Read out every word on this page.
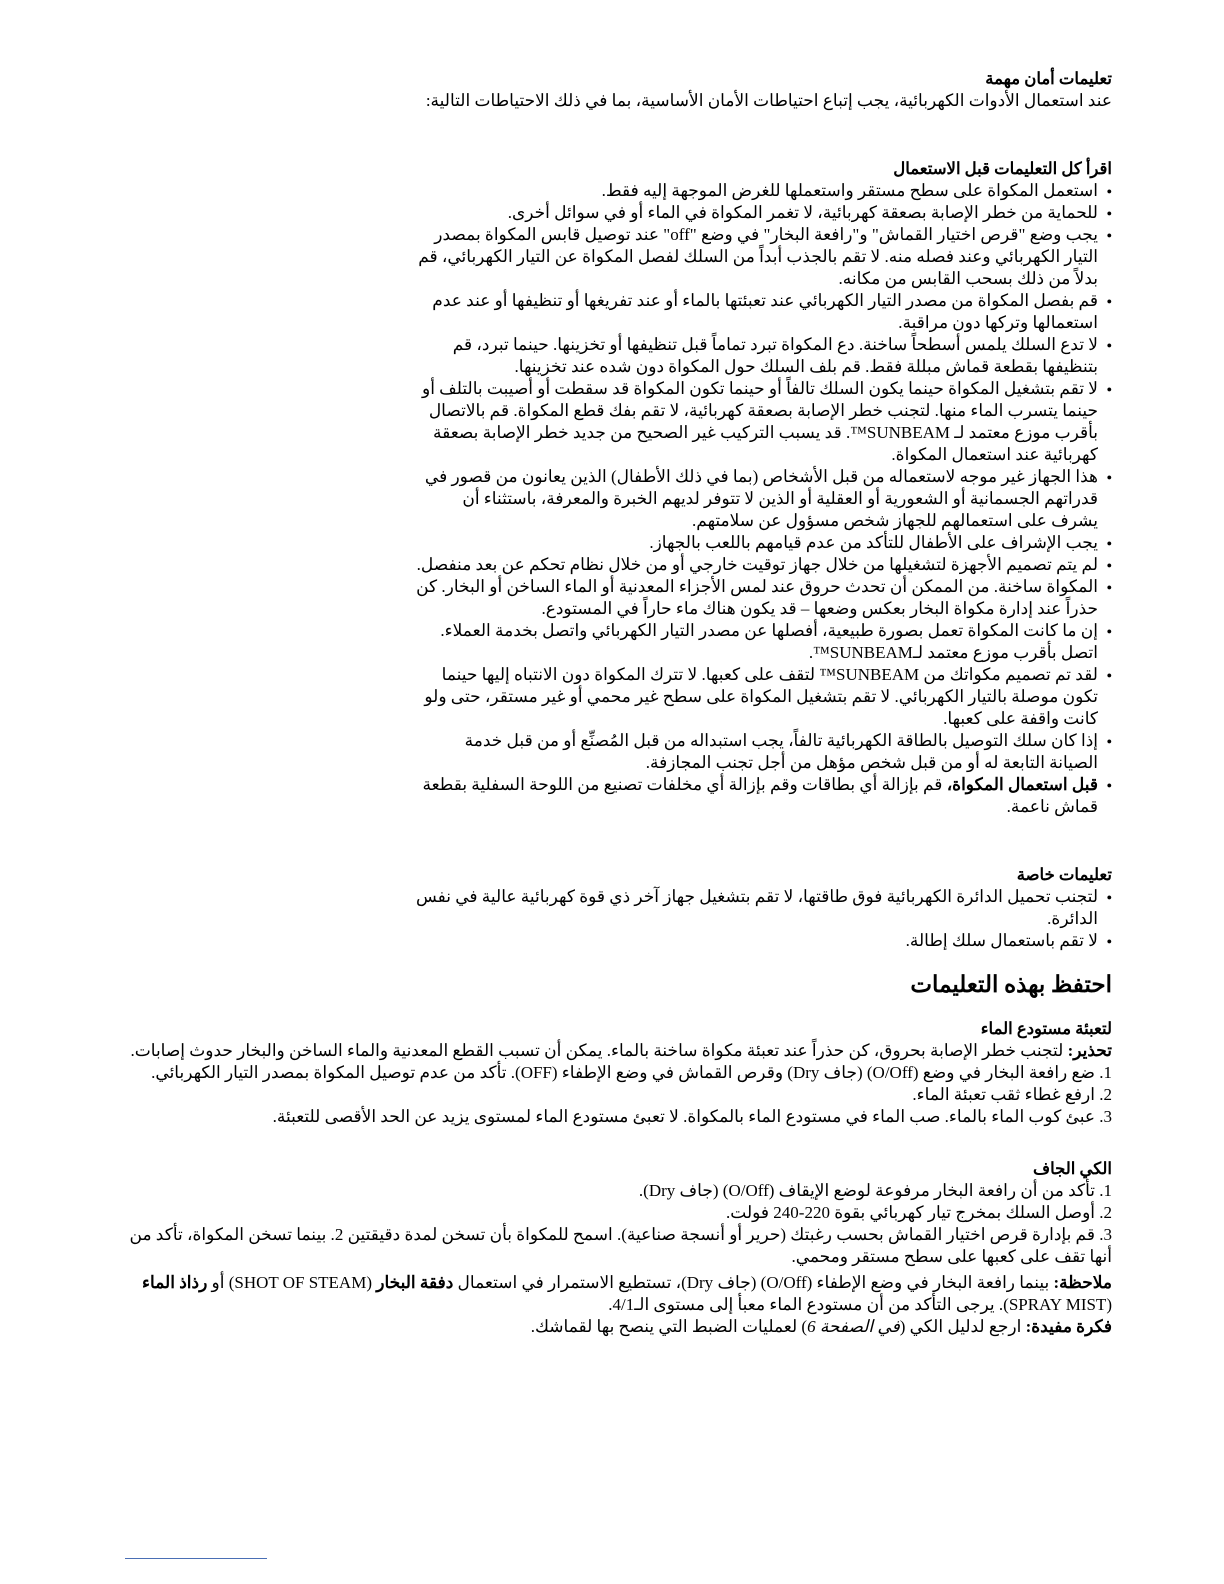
تعليمات أمان مهمة

عند استعمال الأدوات الكهربائية، يجب إتباع احتياطات الأمان الأساسية، بما في ذلك الاحتياطات التالية:

اقرأ كل التعليمات قبل الاستعمال

● استعمل المكواة على سطح مستقر واستعملها للغرض الموجهة إليه فقط.
● للحماية من خطر الإصابة بصعقة كهربائية، لا تغمر المكواة في الماء أو في سوائل أخرى.
● يجب وضع "قرص اختيار القماش" و"رافعة البخار" في وضع "off" عند توصيل قابس المكواة بمصدر التيار الكهربائي وعند فصله منه. لا تقم بالجذب أبداً من السلك لفصل المكواة عن التيار الكهربائي، قم بدلاً من ذلك بسحب القابس من مكانه.
● قم بفصل المكواة من مصدر التيار الكهربائي عند تعبئتها بالماء أو عند تفريغها أو تنظيفها أو عند عدم استعمالها وتركها دون مراقبة.
● لا تدع السلك يلمس أسطحاً ساخنة. دع المكواة تبرد تماماً قبل تنظيفها أو تخزينها. حينما تبرد، قم بتنظيفها بقطعة قماش مبللة فقط. قم بلف السلك حول المكواة دون شده عند تخزينها.
● لا تقم بتشغيل المكواة حينما يكون السلك تالفاً أو حينما تكون المكواة قد سقطت أو أصيبت بالتلف أو حينما يتسرب الماء منها. لتجنب خطر الإصابة بصعقة كهربائية، لا تقم بفك قطع المكواة. قم بالاتصال بأقرب موزع معتمد لـ SUNBEAM™. قد يسبب التركيب غير الصحيح من جديد خطر الإصابة بصعقة كهربائية عند استعمال المكواة.
● هذا الجهاز غير موجه لاستعماله من قبل الأشخاص (بما في ذلك الأطفال) الذين يعانون من قصور في قدراتهم الجسمانية أو الشعورية أو العقلية أو الذين لا تتوفر لديهم الخبرة والمعرفة، باستثناء أن يشرف على استعمالهم للجهاز شخص مسؤول عن سلامتهم.
● يجب الإشراف على الأطفال للتأكد من عدم قيامهم باللعب بالجهاز.
● لم يتم تصميم الأجهزة لتشغيلها من خلال جهاز توقيت خارجي أو من خلال نظام تحكم عن بعد منفصل.
● المكواة ساخنة. من الممكن أن تحدث حروق عند لمس الأجزاء المعدنية أو الماء الساخن أو البخار. كن حذراً عند إدارة مكواة البخار بعكس وضعها – قد يكون هناك ماء حاراً في المستودع.
● إن ما كانت المكواة تعمل بصورة طبيعية، أفصلها عن مصدر التيار الكهربائي واتصل بخدمة العملاء. اتصل بأقرب موزع معتمد لـSUNBEAM™.
● لقد تم تصميم مكواتك من SUNBEAM™ لتقف على كعبها. لا تترك المكواة دون الانتباه إليها حينما تكون موصلة بالتيار الكهربائي. لا تقم بتشغيل المكواة على سطح غير محمي أو غير مستقر، حتى ولو كانت واقفة على كعبها.
● إذا كان سلك التوصيل بالطاقة الكهربائية تالفاً، يجب استبداله من قبل المُصنِّع أو من قبل خدمة الصيانة التابعة له أو من قبل شخص مؤهل من أجل تجنب المجازفة.
● قبل استعمال المكواة، قم بإزالة أي بطاقات وقم بإزالة أي مخلفات تصنيع من اللوحة السفلية بقطعة قماش ناعمة.

تعليمات خاصة

● لتجنب تحميل الدائرة الكهربائية فوق طاقتها، لا تقم بتشغيل جهاز آخر ذي قوة كهربائية عالية في نفس الدائرة.
● لا تقم باستعمال سلك إطالة.

احتفظ بهذه التعليمات

لتعبئة مستودع الماء

تحذير: لتجنب خطر الإصابة بحروق، كن حذراً عند تعبئة مكواة ساخنة بالماء. يمكن أن تسبب القطع المعدنية والماء الساخن والبخار حدوث إصابات.

1. ضع رافعة البخار في وضع (O/Off) (جاف Dry) وقرص القماش في وضع الإطفاء (OFF). تأكد من عدم توصيل المكواة بمصدر التيار الكهربائي.
2. ارفع غطاء ثقب تعبئة الماء.
3. عبئ كوب الماء بالماء. صب الماء في مستودع الماء بالمكواة. لا تعبئ مستودع الماء لمستوى يزيد عن الحد الأقصى للتعبئة.

الكي الجاف

1. تأكد من أن رافعة البخار مرفوعة لوضع الإيقاف (O/Off) (جاف Dry).
2. أوصل السلك بمخرج تيار كهربائي بقوة 220-240 فولت.
3. قم بإدارة قرص اختيار القماش بحسب رغبتك (حرير أو أنسجة صناعية). اسمح للمكواة بأن تسخن لمدة دقيقتين 2. بينما تسخن المكواة، تأكد من أنها تقف على كعبها على سطح مستقر ومحمي.

ملاحظة: بينما رافعة البخار في وضع الإطفاء (O/Off) (جاف Dry)، تستطيع الاستمرار في استعمال دفقة البخار (SHOT OF STEAM) أو رذاذ الماء (SPRAY MIST). يرجى التأكد من أن مستودع الماء معبأ إلى مستوى الـ4/1.

فكرة مفيدة: ارجع لدليل الكي (في الصفحة 6) لعمليات الضبط التي ينصح بها لقماشك.
